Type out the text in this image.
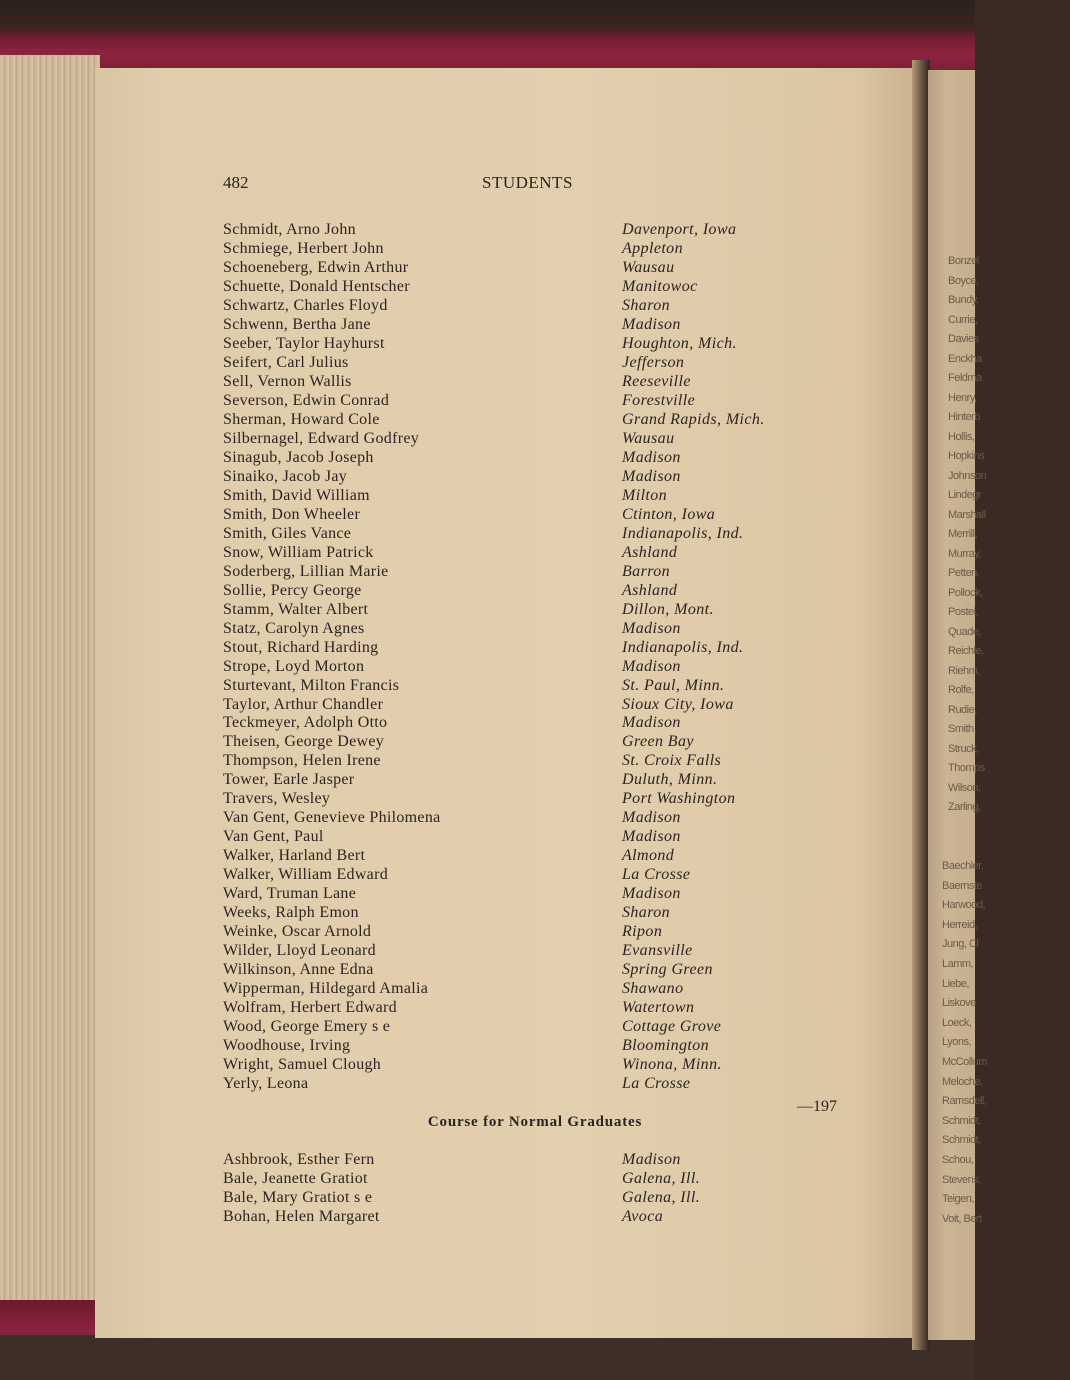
Bonzel
Boyce,
Bundy,
Currie,
Davies
Enckha
Feldma
Henry,
Hinterb
Hollis,
Hopkins
Johnson
Lindegr
Marshall
Merrill,
Murray,
Petten,
Pollock,
Postel,
Quade,
Reichle,
Riehm,
Rolfe,
Rudie,
Smith,
Struck,
Thomps
Wilson,
Zarling,
Baechler,
Baernste
Harwood,
Herreid,
Jung, Cl
Lamm,
Liebe,
Liskove
Loeck,
Lyons,
McCollum
Meloche,
Ramsdell,
Schmidt,
Schmidt,
Schou,
Stevens,
Teigen,
Voit, Bert
482	STUDENTS
Schmidt, Arno John	Davenport, Iowa
Schmiege, Herbert John	Appleton
Schoeneberg, Edwin Arthur	Wausau
Schuette, Donald Hentscher	Manitowoc
Schwartz, Charles Floyd	Sharon
Schwenn, Bertha Jane	Madison
Seeber, Taylor Hayhurst	Houghton, Mich.
Seifert, Carl Julius	Jefferson
Sell, Vernon Wallis	Reeseville
Severson, Edwin Conrad	Forestville
Sherman, Howard Cole	Grand Rapids, Mich.
Silbernagel, Edward Godfrey	Wausau
Sinagub, Jacob Joseph	Madison
Sinaiko, Jacob Jay	Madison
Smith, David William	Milton
Smith, Don Wheeler	Ctinton, Iowa
Smith, Giles Vance	Indianapolis, Ind.
Snow, William Patrick	Ashland
Soderberg, Lillian Marie	Barron
Sollie, Percy George	Ashland
Stamm, Walter Albert	Dillon, Mont.
Statz, Carolyn Agnes	Madison
Stout, Richard Harding	Indianapolis, Ind.
Strope, Loyd Morton	Madison
Sturtevant, Milton Francis	St. Paul, Minn.
Taylor, Arthur Chandler	Sioux City, Iowa
Teckmeyer, Adolph Otto	Madison
Theisen, George Dewey	Green Bay
Thompson, Helen Irene	St. Croix Falls
Tower, Earle Jasper	Duluth, Minn.
Travers, Wesley	Port Washington
Van Gent, Genevieve Philomena	Madison
Van Gent, Paul	Madison
Walker, Harland Bert	Almond
Walker, William Edward	La Crosse
Ward, Truman Lane	Madison
Weeks, Ralph Emon	Sharon
Weinke, Oscar Arnold	Ripon
Wilder, Lloyd Leonard	Evansville
Wilkinson, Anne Edna	Spring Green
Wipperman, Hildegard Amalia	Shawano
Wolfram, Herbert Edward	Watertown
Wood, George Emery s e	Cottage Grove
Woodhouse, Irving	Bloomington
Wright, Samuel Clough	Winona, Minn.
Yerly, Leona	La Crosse
—197
Course for Normal Graduates
Ashbrook, Esther Fern	Madison
Bale, Jeanette Gratiot	Galena, Ill.
Bale, Mary Gratiot s e	Galena, Ill.
Bohan, Helen Margaret	Avoca
